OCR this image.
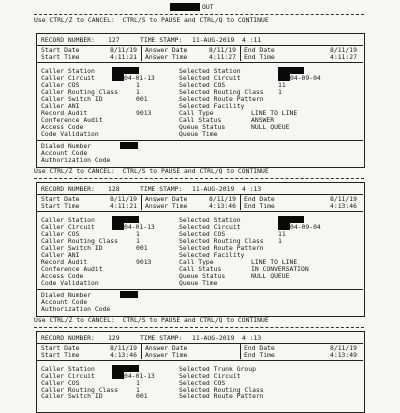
OUT
Use CTRL/Z to CANCEL:  CTRL/S to PAUSE and CTRL/Q to CONTINUE
RECORD NUMBER: 127	TIME STAMP: 11-AUG-2019  4 :11
Start Date	8/11/19
Start Time	4:11:21
Answer Date	8/11/19
Answer Time	4:11:27
End Date	8/11/19
End Time	4:11:27
Caller Station
Caller Circuit	04-01-13
Caller COS	1
Caller Routing Class	1
Caller Switch ID	001
Caller ANI
Record Audit	9013
Conference Audit
Access Code
Code Validation
Selected Station
Selected Circuit	04-09-04
Selected COS	11
Selected Routing Class 1
Selected Route Pattern
Selected Facility
Call Type	LINE TO LINE
Call Status	ANSWER
Queue Status	NULL QUEUE
Queue Time
Dialed Number
Account Code
Authorization Code
Use CTRL/Z to CANCEL:  CTRL/S to PAUSE and CTRL/Q to CONTINUE
RECORD NUMBER: 128	TIME STAMP: 11-AUG-2019  4 :13
Start Date	8/11/19
Start Time	4:11:21
Answer Date	8/11/19
Answer Time	4:13:46
End Date	8/11/19
End Time	4:13:46
Caller Station
Caller Circuit	04-01-13
Caller COS	1
Caller Routing Class	1
Caller Switch ID	001
Caller ANI
Record Audit	9013
Conference Audit
Access Code
Code Validation
Selected Station
Selected Circuit	04-09-04
Selected COS	11
Selected Routing Class 1
Selected Route Pattern
Selected Facility
Call Type	LINE TO LINE
Call Status	IN CONVERSATION
Queue Status	NULL QUEUE
Queue Time
Dialed Number
Account Code
Authorization Code
Use CTRL/Z to CANCEL:  CTRL/S to PAUSE and CTRL/Q to CONTINUE
RECORD NUMBER: 129	TIME STAMP: 11-AUG-2019  4 :13
Start Date	8/11/19
Start Time	4:13:46
Answer Date
Answer Time
End Date	8/11/19
End Time	4:13:49
Caller Station
Caller Circuit	04-01-13
Caller COS	1
Caller Routing Class	1
Caller Switch ID	001
Selected Trunk Group
Selected Circuit
Selected COS
Selected Routing Class
Selected Route Pattern
